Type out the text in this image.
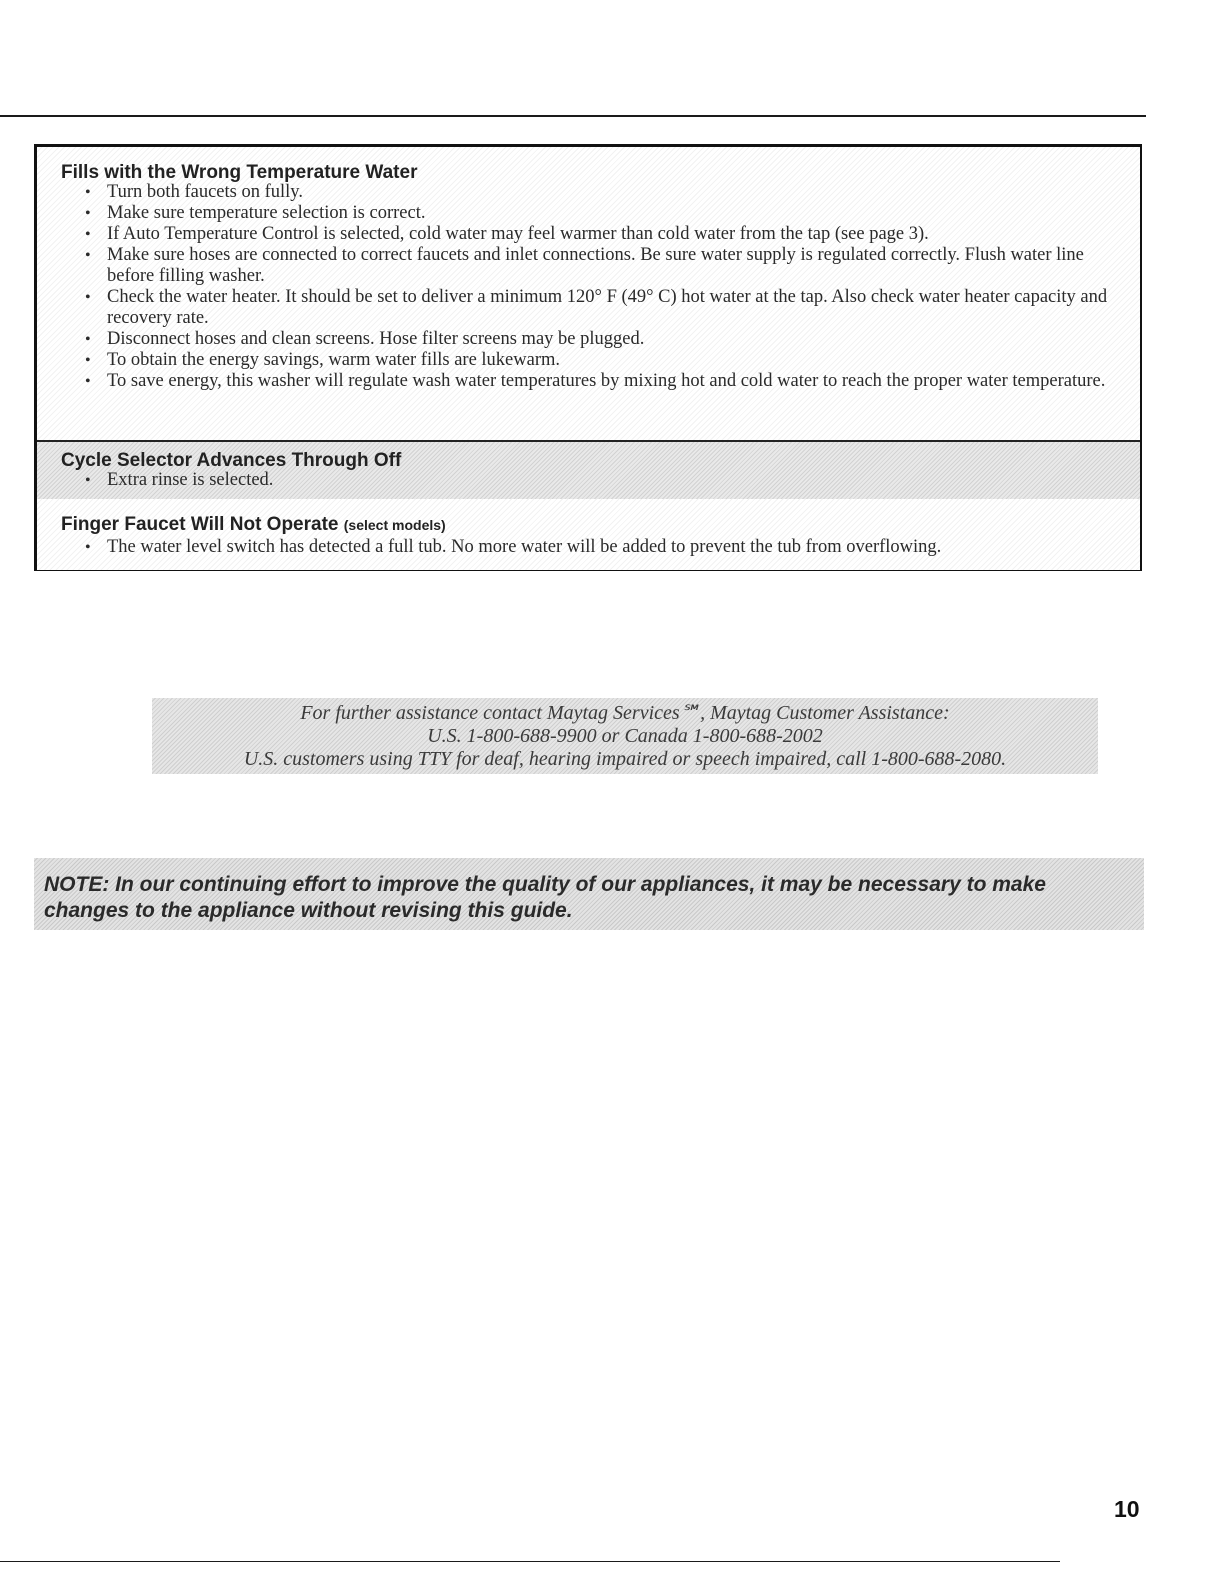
Fills with the Wrong Temperature Water
• Turn both faucets on fully.
• Make sure temperature selection is correct.
• If Auto Temperature Control is selected, cold water may feel warmer than cold water from the tap (see page 3).
• Make sure hoses are connected to correct faucets and inlet connections. Be sure water supply is regulated correctly. Flush water line before filling washer.
• Check the water heater. It should be set to deliver a minimum 120° F (49° C) hot water at the tap. Also check water heater capacity and recovery rate.
• Disconnect hoses and clean screens. Hose filter screens may be plugged.
• To obtain the energy savings, warm water fills are lukewarm.
• To save energy, this washer will regulate wash water temperatures by mixing hot and cold water to reach the proper water temperature.
Cycle Selector Advances Through Off
• Extra rinse is selected.
Finger Faucet Will Not Operate (select models)
• The water level switch has detected a full tub. No more water will be added to prevent the tub from overflowing.
For further assistance contact Maytag Services℠, Maytag Customer Assistance:
U.S. 1-800-688-9900 or Canada 1-800-688-2002
U.S. customers using TTY for deaf, hearing impaired or speech impaired, call 1-800-688-2080.
NOTE: In our continuing effort to improve the quality of our appliances, it may be necessary to make changes to the appliance without revising this guide.
10
